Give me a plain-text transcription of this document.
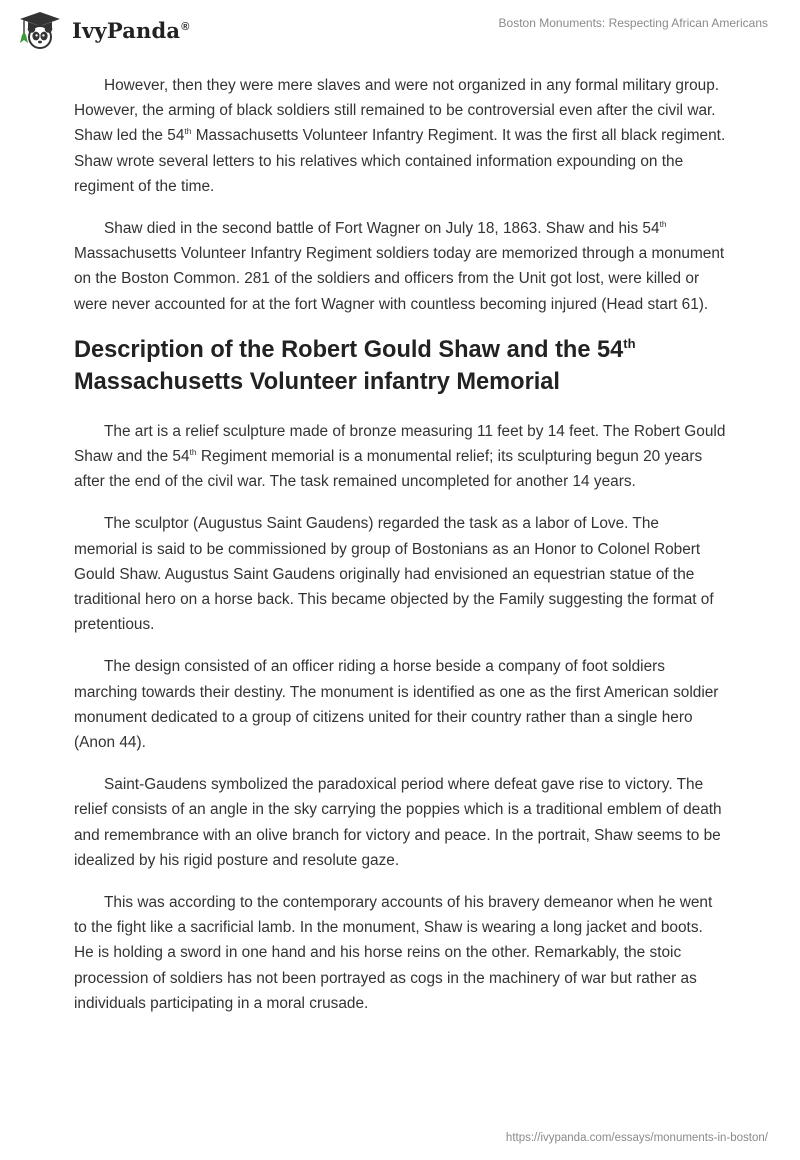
IvyPanda®	Boston Monuments: Respecting African Americans

However, then they were mere slaves and were not organized in any formal military group. However, the arming of black soldiers still remained to be controversial even after the civil war. Shaw led the 54th Massachusetts Volunteer Infantry Regiment. It was the first all black regiment. Shaw wrote several letters to his relatives which contained information expounding on the regiment of the time.

Shaw died in the second battle of Fort Wagner on July 18, 1863. Shaw and his 54th Massachusetts Volunteer Infantry Regiment soldiers today are memorized through a monument on the Boston Common. 281 of the soldiers and officers from the Unit got lost, were killed or were never accounted for at the fort Wagner with countless becoming injured (Head start 61).

Description of the Robert Gould Shaw and the 54th Massachusetts Volunteer infantry Memorial

The art is a relief sculpture made of bronze measuring 11 feet by 14 feet. The Robert Gould Shaw and the 54th Regiment memorial is a monumental relief; its sculpturing begun 20 years after the end of the civil war. The task remained uncompleted for another 14 years.

The sculptor (Augustus Saint Gaudens) regarded the task as a labor of Love. The memorial is said to be commissioned by group of Bostonians as an Honor to Colonel Robert Gould Shaw. Augustus Saint Gaudens originally had envisioned an equestrian statue of the traditional hero on a horse back. This became objected by the Family suggesting the format of pretentious.

The design consisted of an officer riding a horse beside a company of foot soldiers marching towards their destiny. The monument is identified as one as the first American soldier monument dedicated to a group of citizens united for their country rather than a single hero (Anon 44).

Saint-Gaudens symbolized the paradoxical period where defeat gave rise to victory. The relief consists of an angle in the sky carrying the poppies which is a traditional emblem of death and remembrance with an olive branch for victory and peace. In the portrait, Shaw seems to be idealized by his rigid posture and resolute gaze.

This was according to the contemporary accounts of his bravery demeanor when he went to the fight like a sacrificial lamb. In the monument, Shaw is wearing a long jacket and boots. He is holding a sword in one hand and his horse reins on the other. Remarkably, the stoic procession of soldiers has not been portrayed as cogs in the machinery of war but rather as individuals participating in a moral crusade.

https://ivypanda.com/essays/monuments-in-boston/
